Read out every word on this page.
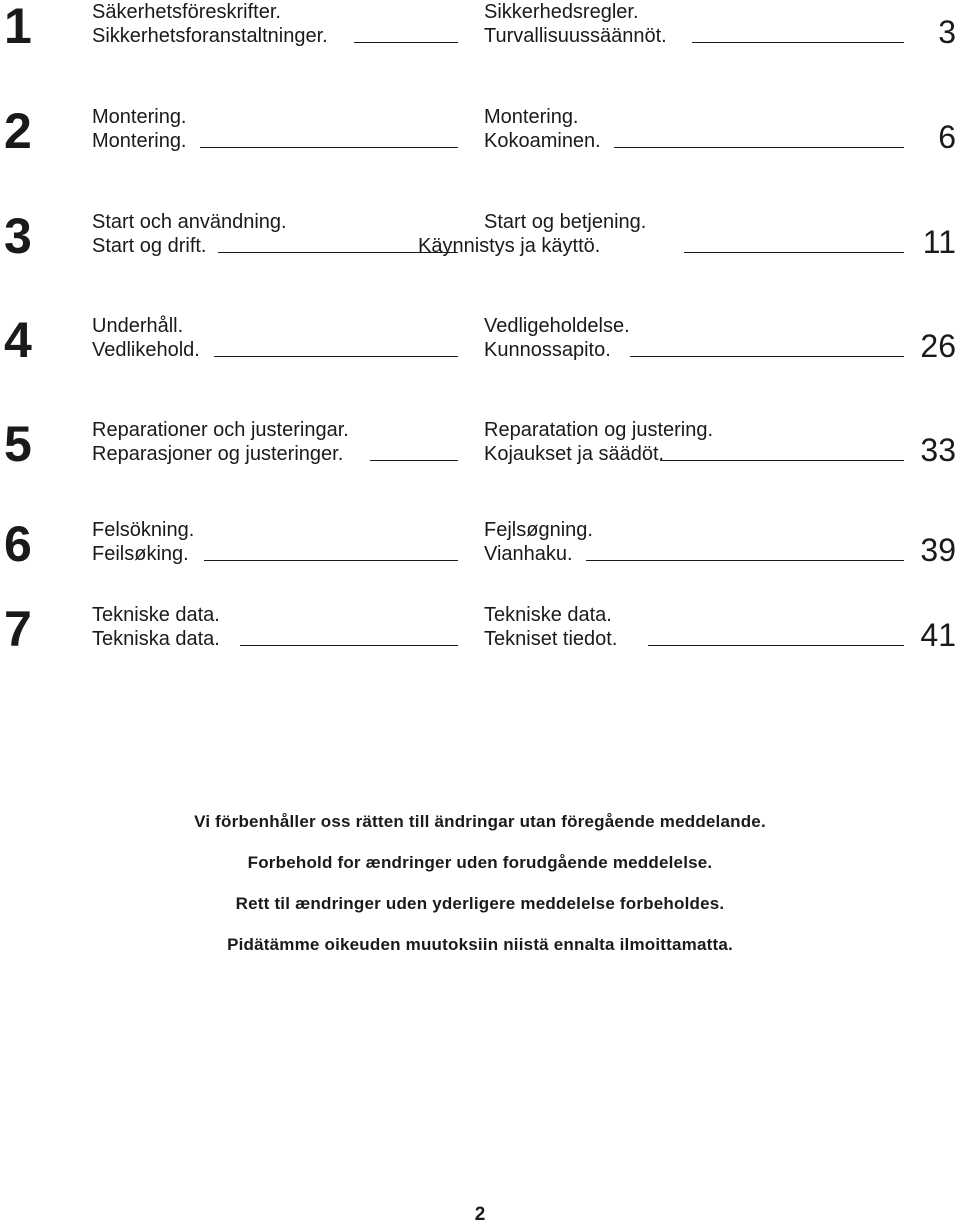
1	Säkerhetsföreskrifter.
Sikkerhetsforanstaltninger.
Sikkerhedsregler.
Turvallisuussäännöt.	3
2	Montering.
Montering.
Montering.
Kokoaminen.	6
3	Start och användning.
Start og drift.
Start og betjening.
Käynnistys ja käyttö.	11
4	Underhåll.
Vedlikehold.
Vedligeholdelse.
Kunnossapito.	26
5	Reparationer och justeringar.
Reparasjoner og justeringer.
Reparatation og justering.
Kojaukset ja säädöt.	33
6	Felsökning.
Feilsøking.
Fejlsøgning.
Vianhaku.	39
7	Tekniske data.
Tekniska data.
Tekniske data.
Tekniset tiedot.	41
Vi förbenhåller oss rätten till ändringar utan föregående meddelande.
Forbehold for ændringer uden forudgående meddelelse.
Rett til ændringer uden yderligere meddelelse forbeholdes.
Pidätämme oikeuden muutoksiin niistä ennalta ilmoittamatta.
2
